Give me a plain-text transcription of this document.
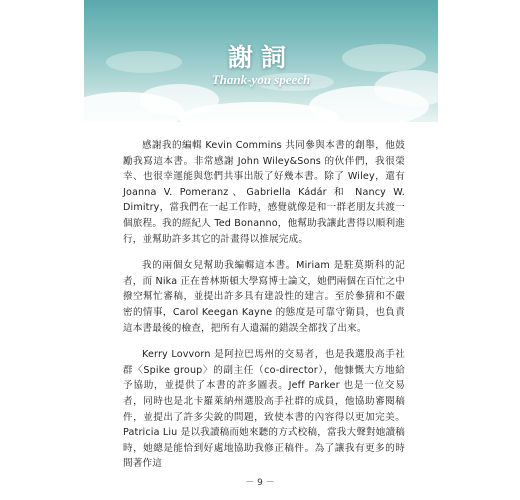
謝詞
Thank-you speech

感謝我的編輯 Kevin Commins 共同參與本書的創舉，他鼓勵我寫這本書。非常感謝 John Wiley&Sons 的伙伴們，我很榮幸、也很幸運能與您們共事出版了好幾本書。除了 Wiley，還有 Joanna V. Pomeranz、Gabriella Kádár 和 Nancy W. Dimitry，當我們在一起工作時，感覺就像是和一群老朋友共渡一個旅程。我的經紀人 Ted Bonanno，他幫助我讓此書得以順利進行，並幫助許多其它的計畫得以推展完成。

我的兩個女兒幫助我編輯這本書。Miriam 是駐莫斯科的記者，而 Nika 正在普林斯頓大學寫博士論文，她們兩個在百忙之中撥空幫忙審稿，並提出許多具有建設性的建言。至於參猜和不嚴密的情事，Carol Keegan Kayne 的態度是可靠守衛員，也負責這本書最後的檢查，把所有人遺漏的錯誤全都找了出來。

Kerry Lovvorn 是阿拉巴馬州的交易者，也是我選股高手社群〈Spike group〉的副主任（co-director），他慷慨大方地給予協助，並提供了本書的許多圖表。Jeff Parker 也是一位交易者，同時也是北卡羅萊納州選股高手社群的成員，他協助審閱稿件，並提出了許多尖銳的問題，致使本書的內容得以更加完美。Patricia Liu 是以我讀稿而她來聽的方式校稿，當我大聲對她讀稿時，她總是能恰到好處地協助我修正稿件。為了讓我有更多的時間著作這

－ 9 －
